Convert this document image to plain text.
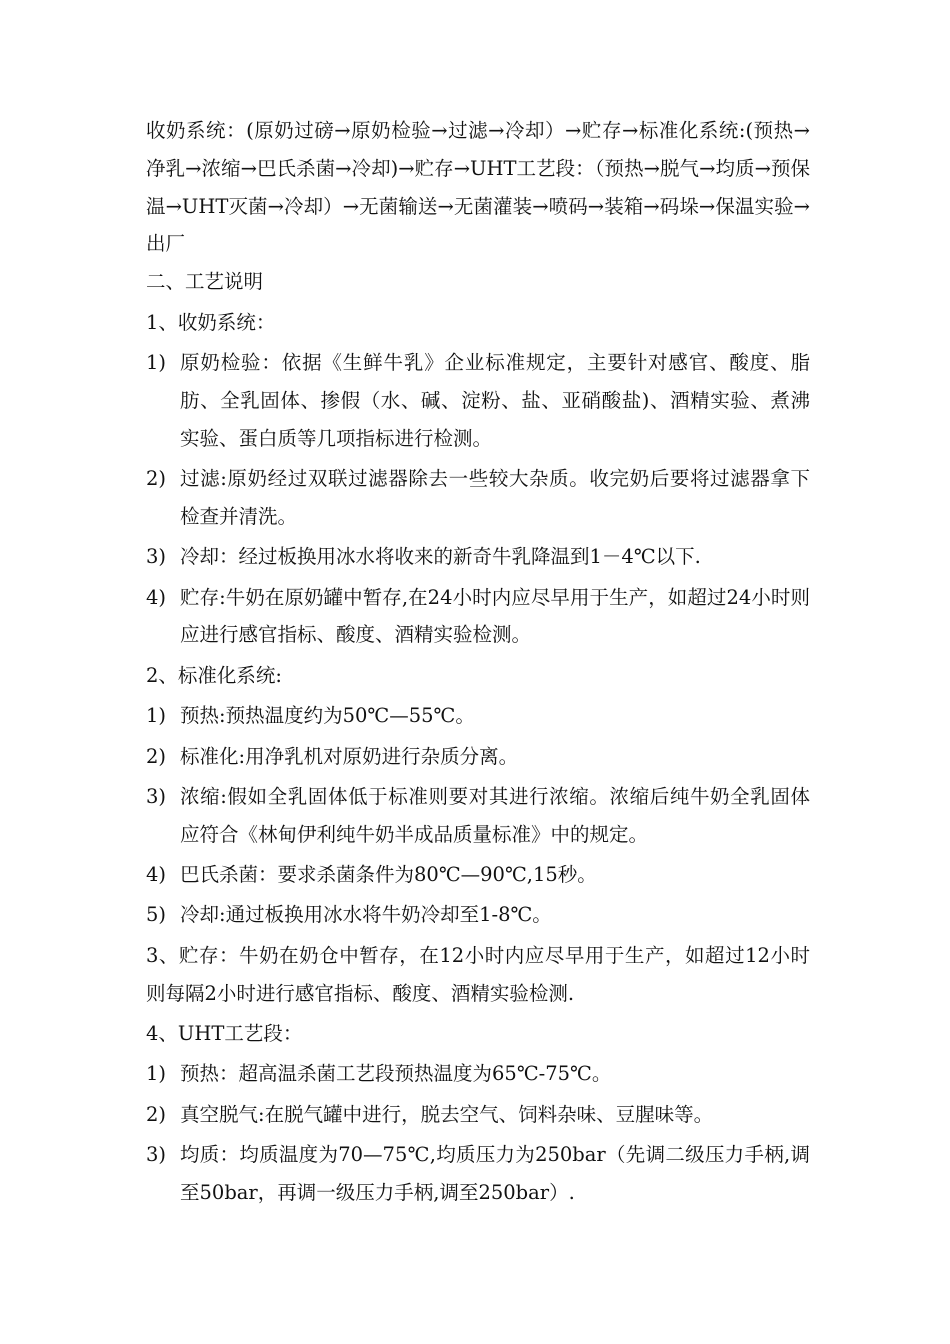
收奶系统：(原奶过磅→原奶检验→过滤→冷却）→贮存→标准化系统:(预热→净乳→浓缩→巴氏杀菌→冷却)→贮存→UHT工艺段：（预热→脱气→均质→预保温→UHT灭菌→冷却）→无菌输送→无菌灌装→喷码→装箱→码垛→保温实验→出厂

二、工艺说明

1、收奶系统：

1) 原奶检验：依据《生鲜牛乳》企业标准规定，主要针对感官、酸度、脂肪、全乳固体、掺假（水、碱、淀粉、盐、亚硝酸盐)、酒精实验、煮沸实验、蛋白质等几项指标进行检测。
2) 过滤:原奶经过双联过滤器除去一些较大杂质。收完奶后要将过滤器拿下检查并清洗。
3) 冷却：经过板换用冰水将收来的新奇牛乳降温到1－4℃以下.
4) 贮存:牛奶在原奶罐中暂存,在24小时内应尽早用于生产，如超过24小时则应进行感官指标、酸度、酒精实验检测。

2、标准化系统:

1) 预热:预热温度约为50℃—55℃。
2) 标准化:用净乳机对原奶进行杂质分离。
3) 浓缩:假如全乳固体低于标准则要对其进行浓缩。浓缩后纯牛奶全乳固体应符合《林甸伊利纯牛奶半成品质量标准》中的规定。
4) 巴氏杀菌：要求杀菌条件为80℃—90℃,15秒。
5) 冷却:通过板换用冰水将牛奶冷却至1-8℃。

3、贮存：牛奶在奶仓中暂存，在12小时内应尽早用于生产，如超过12小时则每隔2小时进行感官指标、酸度、酒精实验检测.

4、UHT工艺段：

1) 预热：超高温杀菌工艺段预热温度为65℃-75℃。
2) 真空脱气:在脱气罐中进行，脱去空气、饲料杂味、豆腥味等。
3) 均质：均质温度为70—75℃,均质压力为250bar（先调二级压力手柄,调至50bar，再调一级压力手柄,调至250bar）.
